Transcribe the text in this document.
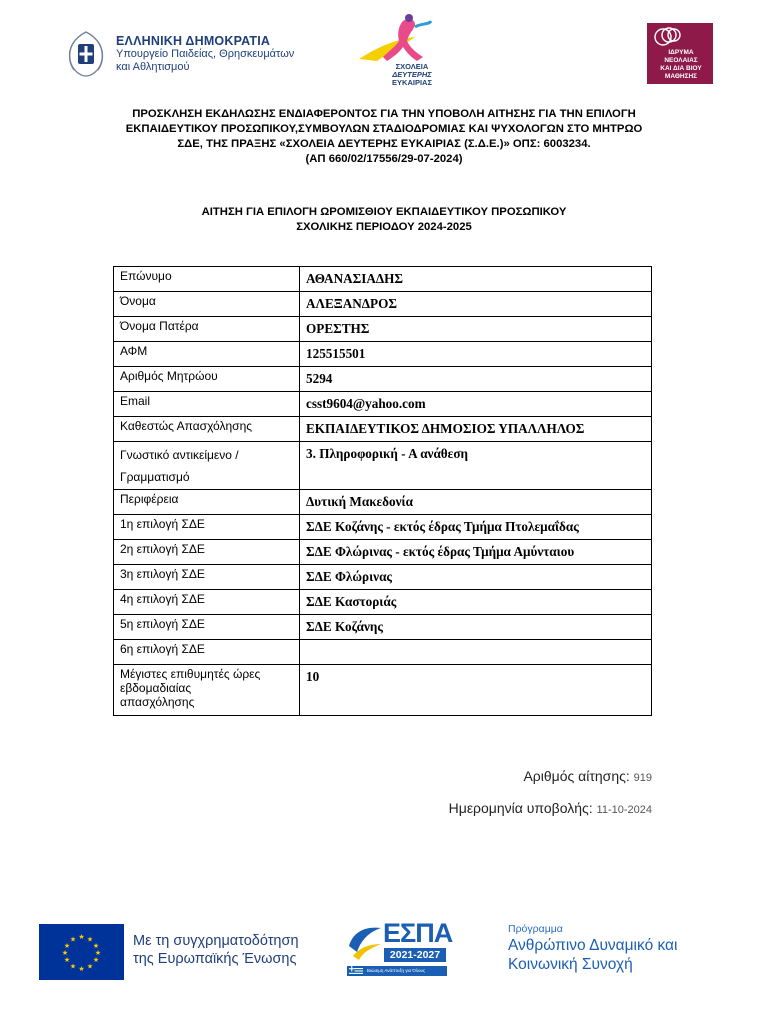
ΕΛΛΗΝΙΚΗ ΔΗΜΟΚΡΑΤΙΑ
Υπουργείο Παιδείας, Θρησκευμάτων
και Αθλητισμού	ΣΧΟΛΕΙΑ
ΔΕΥΤΕΡΗΣ
ΕΥΚΑΙΡΙΑΣ
ΙΔΡΥΜΑ
ΝΕΟΛΑΙΑΣ
ΚΑΙ ΔΙΑ ΒΙΟΥ
ΜΑΘΗΣΗΣ
ΠΡΟΣΚΛΗΣΗ ΕΚΔΗΛΩΣΗΣ ΕΝΔΙΑΦΕΡΟΝΤΟΣ ΓΙΑ ΤΗΝ ΥΠΟΒΟΛΗ ΑΙΤΗΣΗΣ ΓΙΑ ΤΗΝ ΕΠΙΛΟΓΗ
ΕΚΠΑΙΔΕΥΤΙΚΟΥ ΠΡΟΣΩΠΙΚΟΥ,ΣΥΜΒΟΥΛΩΝ ΣΤΑΔΙΟΔΡΟΜΙΑΣ ΚΑΙ ΨΥΧΟΛΟΓΩΝ ΣΤΟ ΜΗΤΡΩΟ
ΣΔΕ, ΤΗΣ ΠΡΑΞΗΣ «ΣΧΟΛΕΙΑ ΔΕΥΤΕΡΗΣ ΕΥΚΑΙΡΙΑΣ (Σ.Δ.Ε.)» ΟΠΣ: 6003234.
(ΑΠ 660/02/17556/29-07-2024)
ΑΙΤΗΣΗ ΓΙΑ ΕΠΙΛΟΓΗ ΩΡΟΜΙΣΘΙΟΥ ΕΚΠΑΙΔΕΥΤΙΚΟΥ ΠΡΟΣΩΠΙΚΟΥ
ΣΧΟΛΙΚΗΣ ΠΕΡΙΟΔΟΥ 2024-2025
Επώνυμο	ΑΘΑΝΑΣΙΑΔΗΣ
Όνομα	ΑΛΕΞΑΝΔΡΟΣ
Όνομα Πατέρα	ΟΡΕΣΤΗΣ
ΑΦΜ	125515501
Αριθμός Μητρώου	5294
Email	csst9604@yahoo.com
Καθεστώς Απασχόλησης	ΕΚΠΑΙΔΕΥΤΙΚΟΣ ΔΗΜΟΣΙΟΣ ΥΠΑΛΛΗΛΟΣ

Γνωστικό αντικείμενο /
Γραμματισμό	3. Πληροφορική - Α ανάθεση
Περιφέρεια	Δυτική Μακεδονία
1η επιλογή ΣΔΕ	ΣΔΕ Κοζάνης - εκτός έδρας Τμήμα Πτολεμαΐδας
2η επιλογή ΣΔΕ	ΣΔΕ Φλώρινας - εκτός έδρας Τμήμα Αμύνταιου
3η επιλογή ΣΔΕ	ΣΔΕ Φλώρινας
4η επιλογή ΣΔΕ	ΣΔΕ Καστοριάς
5η επιλογή ΣΔΕ	ΣΔΕ Κοζάνης
6η επιλογή ΣΔΕ	

Μέγιστες επιθυμητές ώρες
εβδομαδιαίας
απασχόλησης	10
Αριθμός αίτησης: 919
Ημερομηνία υποβολής: 11-10-2024
★ ★
★
★
★
★
★
★
★
★
★
★	Με τη συγχρηματοδότηση
της Ευρωπαϊκής Ένωσης
ΕΣΠΑ
2021-2027
Βιώσιμη Ανάπτυξη για Όλους
Πρόγραμμα
Ανθρώπινο Δυναμικό και
Κοινωνική Συνοχή
